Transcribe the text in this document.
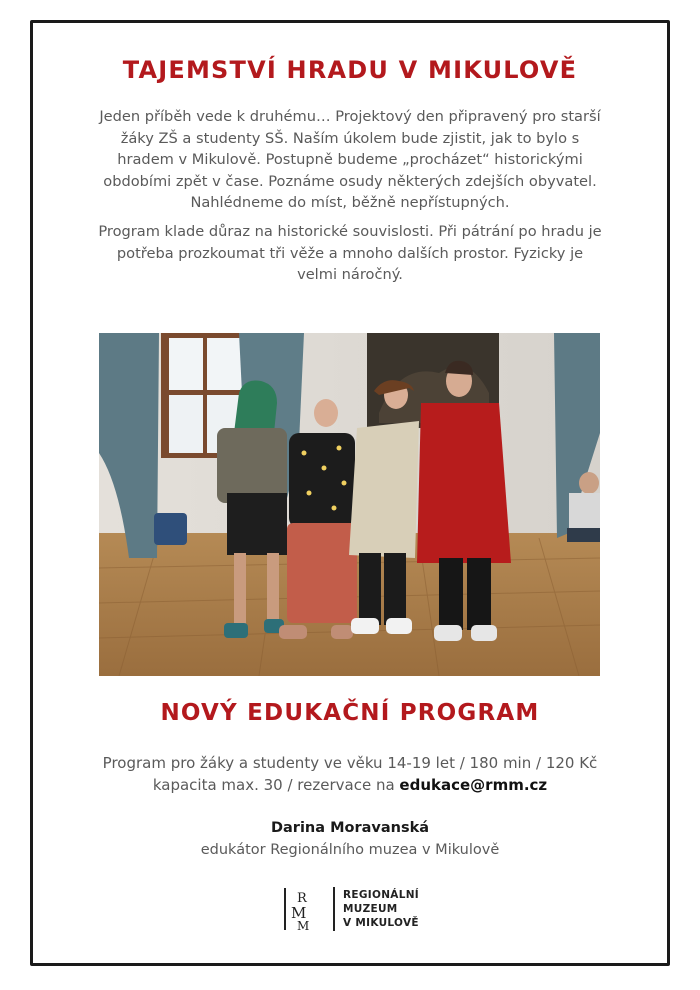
TAJEMSTVÍ HRADU V MIKULOVĚ

Jeden příběh vede k druhému… Projektový den připravený pro starší žáky ZŠ a studenty SŠ. Naším úkolem bude zjistit, jak to bylo s hradem v Mikulově. Postupně budeme „procházet“ historickými obdobími zpět v čase. Poznáme osudy některých zdejších obyvatel. Nahlédneme do míst, běžně nepřístupných.

Program klade důraz na historické souvislosti. Při pátrání po hradu je potřeba prozkoumat tři věže a mnoho dalších prostor. Fyzicky je velmi náročný.

NOVÝ EDUKAČNÍ PROGRAM
Program pro žáky a studenty ve věku 14-19 let / 180 min / 120 Kč
kapacita max. 30 / rezervace na edukace@rmm.cz
Darina Moravanská
edukátor Regionálního muzea v Mikulově
R
M
M
REGIONÁLNÍ
MUZEUM
V MIKULOVĚ
